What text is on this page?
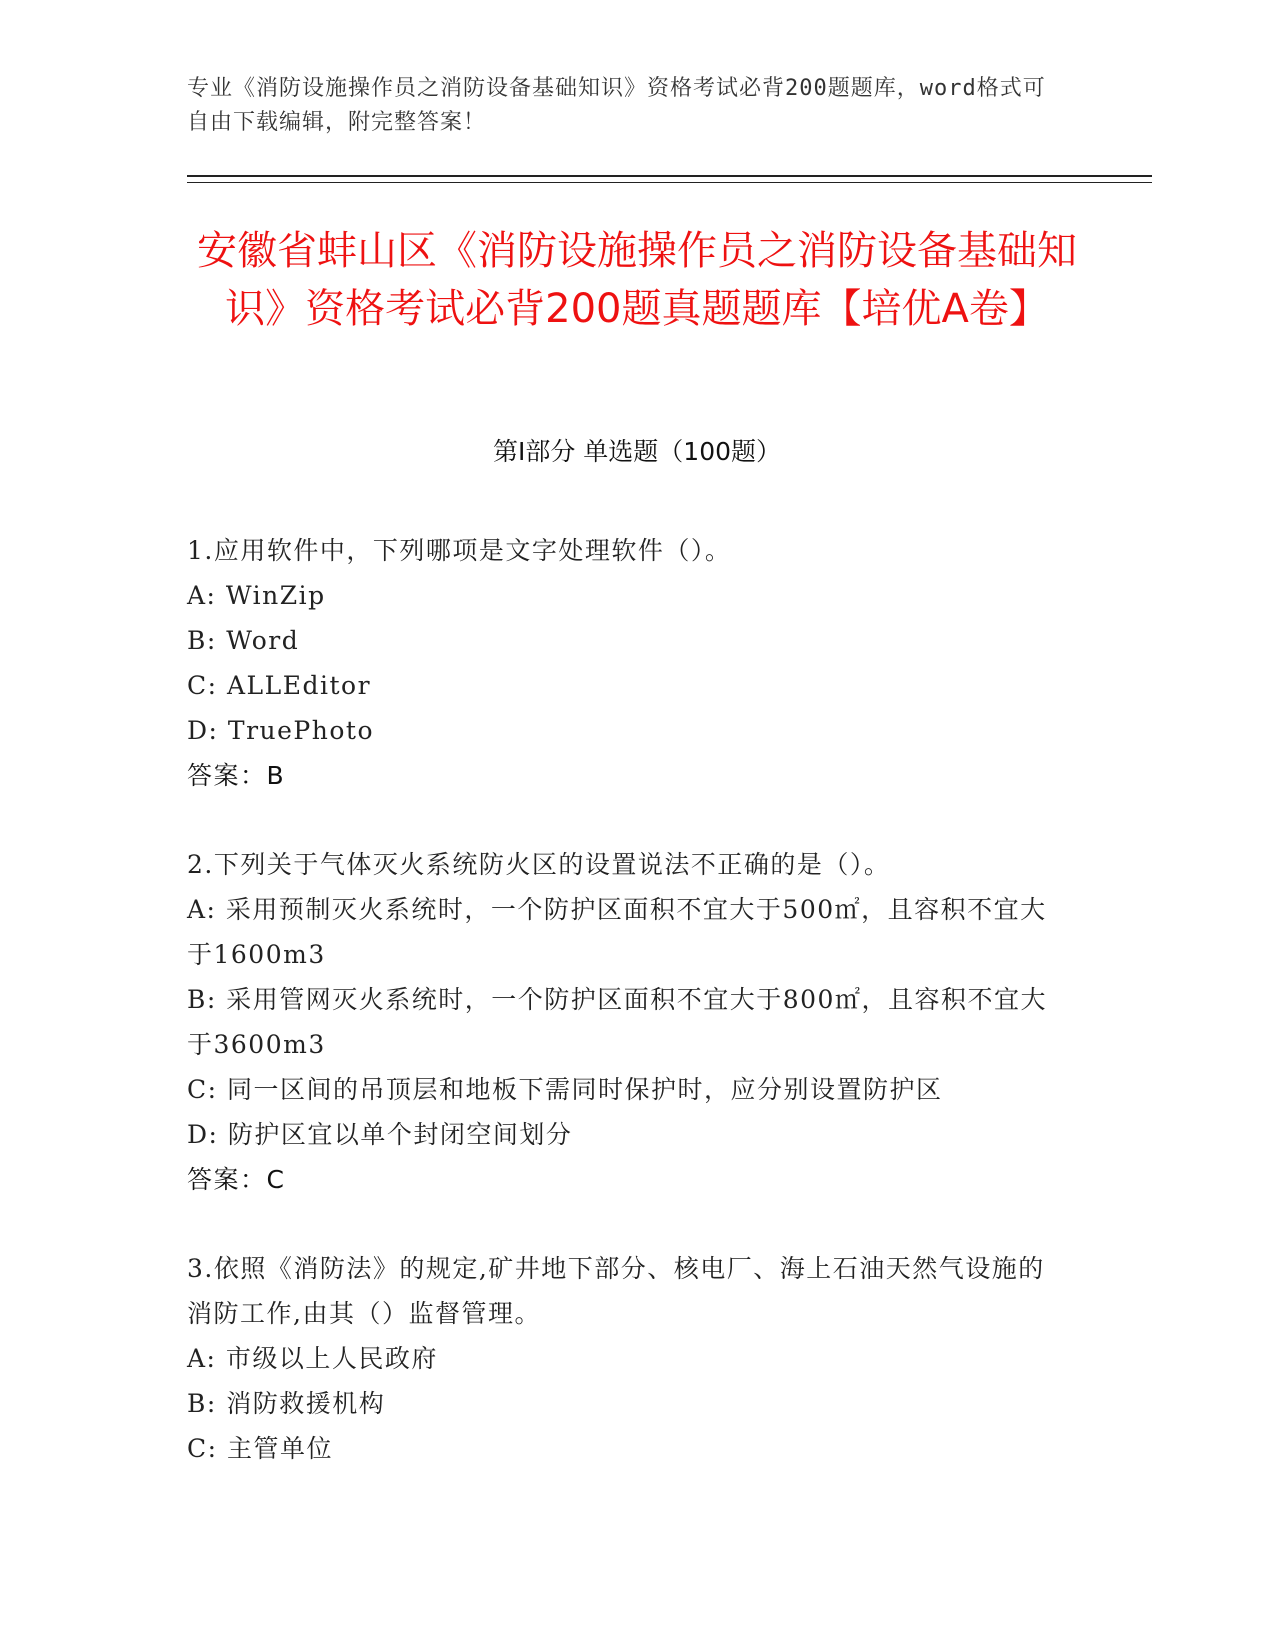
专业《消防设施操作员之消防设备基础知识》资格考试必背200题题库，word格式可自由下载编辑，附完整答案！
安徽省蚌山区《消防设施操作员之消防设备基础知识》资格考试必背200题真题题库【培优A卷】
第I部分 单选题（100题）

1.应用软件中，下列哪项是文字处理软件（）。

A: WinZip

B: Word

C: ALLEditor

D: TruePhoto

答案：B

2.下列关于气体灭火系统防火区的设置说法不正确的是（）。

A: 采用预制灭火系统时，一个防护区面积不宜大于500㎡，且容积不宜大于1600m3

B: 采用管网灭火系统时，一个防护区面积不宜大于800㎡，且容积不宜大于3600m3

C: 同一区间的吊顶层和地板下需同时保护时，应分别设置防护区

D: 防护区宜以单个封闭空间划分

答案：C

3.依照《消防法》的规定,矿井地下部分、核电厂、海上石油天然气设施的消防工作,由其（）监督管理。

A: 市级以上人民政府

B: 消防救援机构

C: 主管单位
